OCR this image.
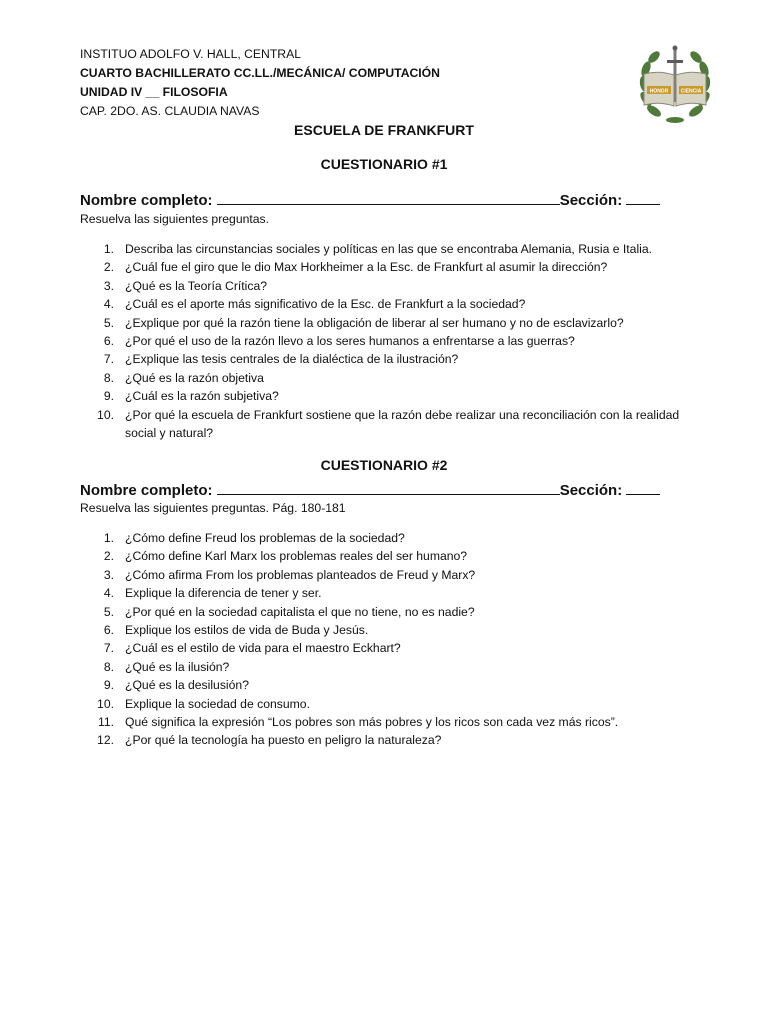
INSTITUO ADOLFO V. HALL, CENTRAL
CUARTO BACHILLERATO CC.LL./MECÁNICA/ COMPUTACIÓN
UNIDAD IV __ FILOSOFIA
CAP. 2DO. AS. CLAUDIA NAVAS
HONOR CIENCIA
ESCUELA DE FRANKFURT
CUESTIONARIO #1
Nombre completo:	Sección:
Resuelva las siguientes preguntas.
1. Describa las circunstancias sociales y políticas en las que se encontraba Alemania, Rusia e Italia.
2. ¿Cuál fue el giro que le dio Max Horkheimer a la Esc. de Frankfurt al asumir la dirección?
3. ¿Qué es la Teoría Crítica?
4. ¿Cuál es el aporte más significativo de la Esc. de Frankfurt a la sociedad?
5. ¿Explique por qué la razón tiene la obligación de liberar al ser humano y no de esclavizarlo?
6. ¿Por qué el uso de la razón llevo a los seres humanos a enfrentarse a las guerras?
7. ¿Explique las tesis centrales de la dialéctica de la ilustración?
8. ¿Qué es la razón objetiva
9. ¿Cuál es la razón subjetiva?
10. ¿Por qué la escuela de Frankfurt sostiene que la razón debe realizar una reconciliación con la realidad social y natural?
CUESTIONARIO #2
Nombre completo:	Sección:
Resuelva las siguientes preguntas. Pág. 180-181
1. ¿Cómo define Freud los problemas de la sociedad?
2. ¿Cómo define Karl Marx los problemas reales del ser humano?
3. ¿Cómo afirma From los problemas planteados de Freud y Marx?
4. Explique la diferencia de tener y ser.
5. ¿Por qué en la sociedad capitalista el que no tiene, no es nadie?
6. Explique los estilos de vida de Buda y Jesús.
7. ¿Cuál es el estilo de vida para el maestro Eckhart?
8. ¿Qué es la ilusión?
9. ¿Qué es la desilusión?
10. Explique la sociedad de consumo.
11. Qué significa la expresión “Los pobres son más pobres y los ricos son cada vez más ricos”.
12. ¿Por qué la tecnología ha puesto en peligro la naturaleza?
